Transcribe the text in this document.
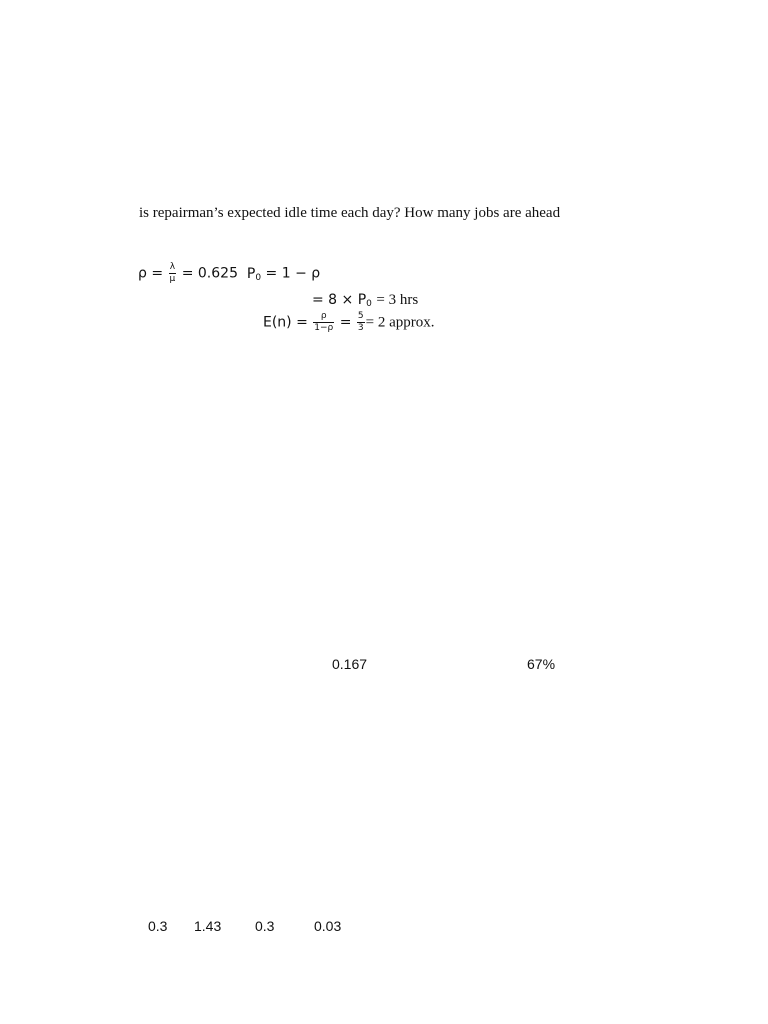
is repairman’s expected idle time each day? How many jobs are ahead
$\rho = \frac{\lambda}{\mu} = 0.625$ $P_0 = 1 - \rho$
= $8 \times P_0 = 3$ hrs
$E(n) = \frac{\rho}{1-\rho} = \frac{5}{3} = 2$ approx.
0.167	67%
0.3 1.43 0.3	0.03
